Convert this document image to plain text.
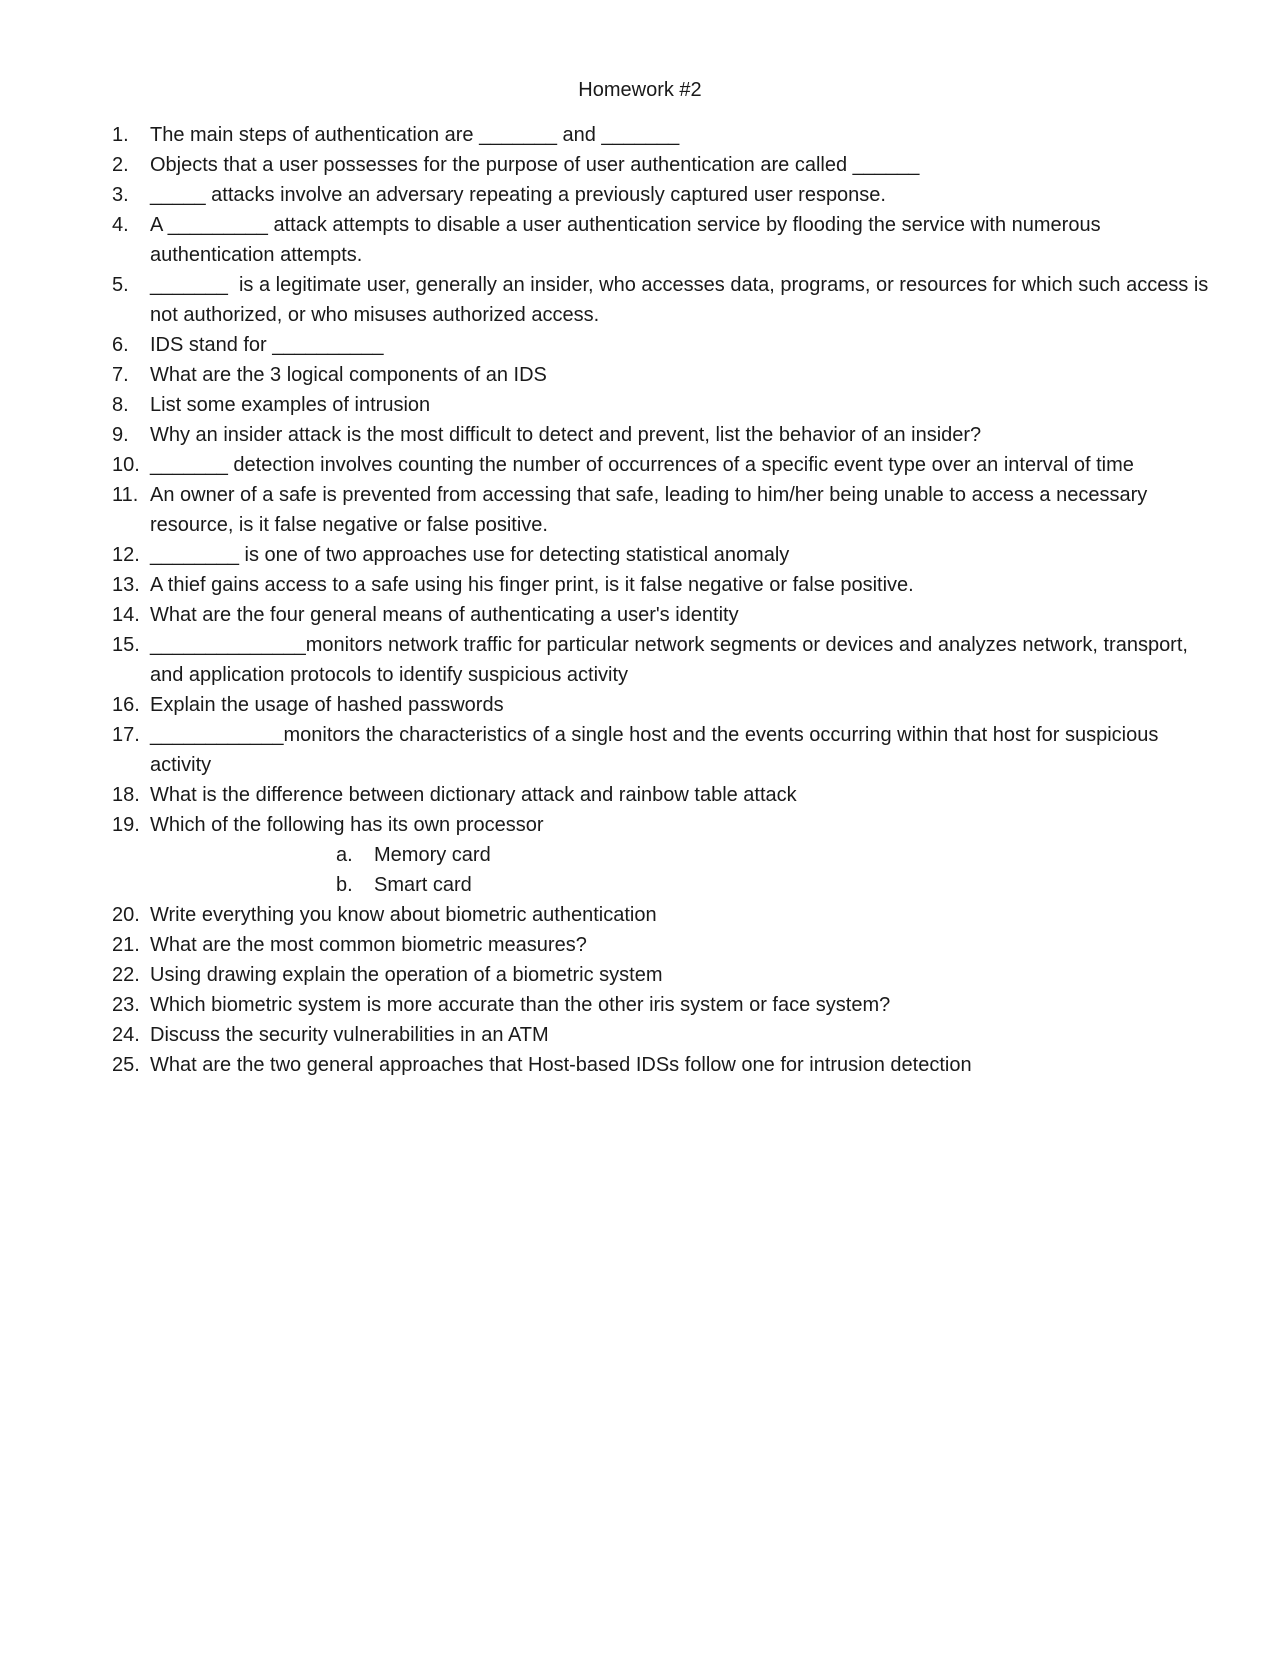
Homework #2
1.	The main steps of authentication are _______ and _______
2.	Objects that a user possesses for the purpose of user authentication are called ______
3.	_____ attacks involve an adversary repeating a previously captured user response.
4.	A _________ attack attempts to disable a user authentication service by flooding the service with numerous authentication attempts.
5.	_______  is a legitimate user, generally an insider, who accesses data, programs, or resources for which such access is not authorized, or who misuses authorized access.
6.	IDS stand for __________
7.	What are the 3 logical components of an IDS
8.	List some examples of intrusion
9.	Why an insider attack is the most difficult to detect and prevent, list the behavior of an insider?
10. _______ detection involves counting the number of occurrences of a specific event type over an interval of time
11. An owner of a safe is prevented from accessing that safe, leading to him/her being unable to access a necessary resource, is it false negative or false positive.
12. ________ is one of two approaches use for detecting statistical anomaly
13. A thief gains access to a safe using his finger print, is it false negative or false positive.
14. What are the four general means of authenticating a user's identity
15. ______________monitors network traffic for particular network segments or devices and analyzes network, transport, and application protocols to identify suspicious activity
16. Explain the usage of hashed passwords
17. ____________monitors the characteristics of a single host and the events occurring within that host for suspicious activity
18. What is the difference between dictionary attack and rainbow table attack
19. Which of the following has its own processor
a. Memory card
b. Smart card
20. Write everything you know about biometric authentication
21. What are the most common biometric measures?
22. Using drawing explain the operation of a biometric system
23. Which biometric system is more accurate than the other iris system or face system?
24. Discuss the security vulnerabilities in an ATM
25. What are the two general approaches that Host-based IDSs follow one for intrusion detection
